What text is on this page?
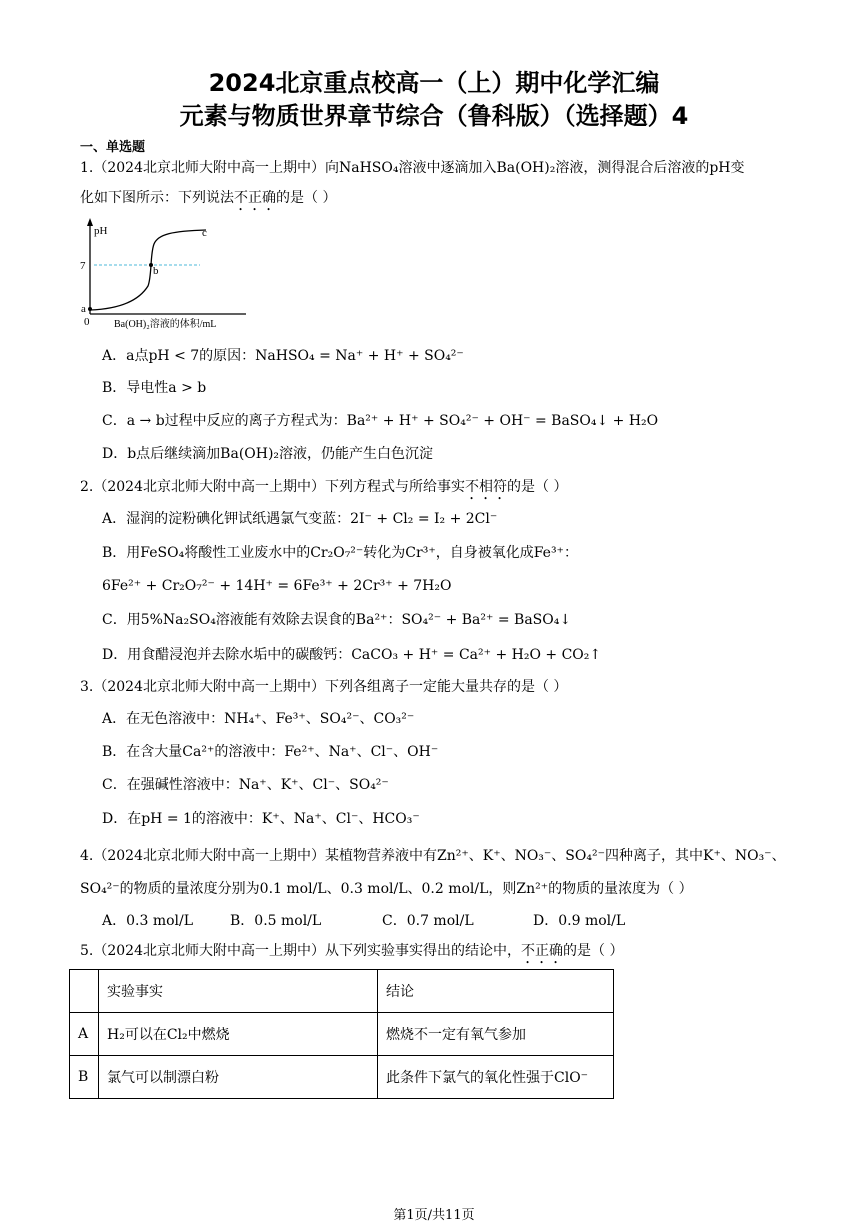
2024北京重点校高一（上）期中化学汇编
元素与物质世界章节综合（鲁科版）（选择题）4
一、单选题
1.（2024北京北师大附中高一上期中）向NaHSO₄溶液中逐滴加入Ba(OH)₂溶液，测得混合后溶液的pH变
化如下图所示：下列说法不正确的是（ ）
pH
7
a
0
b
c
Ba(OH)₂溶液的体积/mL
A．a点pH < 7的原因：NaHSO₄ = Na⁺ + H⁺ + SO₄²⁻
B．导电性a > b
C．a → b过程中反应的离子方程式为：Ba²⁺ + H⁺ + SO₄²⁻ + OH⁻ = BaSO₄↓ + H₂O
D．b点后继续滴加Ba(OH)₂溶液，仍能产生白色沉淀
2.（2024北京北师大附中高一上期中）下列方程式与所给事实不相符的是（ ）
A．湿润的淀粉碘化钾试纸遇氯气变蓝：2I⁻ + Cl₂ = I₂ + 2Cl⁻
B．用FeSO₄将酸性工业废水中的Cr₂O₇²⁻转化为Cr³⁺，自身被氧化成Fe³⁺：
6Fe²⁺ + Cr₂O₇²⁻ + 14H⁺ = 6Fe³⁺ + 2Cr³⁺ + 7H₂O
C．用5%Na₂SO₄溶液能有效除去误食的Ba²⁺：SO₄²⁻ + Ba²⁺ = BaSO₄↓
D．用食醋浸泡并去除水垢中的碳酸钙：CaCO₃ + H⁺ = Ca²⁺ + H₂O + CO₂↑
3.（2024北京北师大附中高一上期中）下列各组离子一定能大量共存的是（ ）
A．在无色溶液中：NH₄⁺、Fe³⁺、SO₄²⁻、CO₃²⁻
B．在含大量Ca²⁺的溶液中：Fe²⁺、Na⁺、Cl⁻、OH⁻
C．在强碱性溶液中：Na⁺、K⁺、Cl⁻、SO₄²⁻
D．在pH = 1的溶液中：K⁺、Na⁺、Cl⁻、HCO₃⁻
4.（2024北京北师大附中高一上期中）某植物营养液中有Zn²⁺、K⁺、NO₃⁻、SO₄²⁻四种离子，其中K⁺、NO₃⁻、
SO₄²⁻的物质的量浓度分别为0.1 mol/L、0.3 mol/L、0.2 mol/L，则Zn²⁺的物质的量浓度为（ ）
A．0.3 mol/L	B．0.5 mol/L	C．0.7 mol/L	D．0.9 mol/L
5.（2024北京北师大附中高一上期中）从下列实验事实得出的结论中，不正确的是（ ）
	实验事实	结论
A	H₂可以在Cl₂中燃烧	燃烧不一定有氧气参加
B	氯气可以制漂白粉	此条件下氯气的氧化性强于ClO⁻
第1页/共11页
